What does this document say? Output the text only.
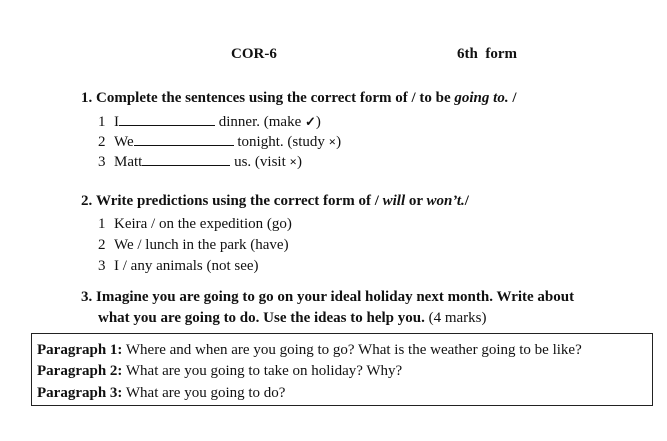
COR-6	6th  form
1. Complete the sentences using the correct form of / to be going to. /
1 I	dinner. (make ✓)
2 We	tonight. (study ×)
3 Matt	us. (visit ×)
2. Write predictions using the correct form of / will or won’t./
1 Keira / on the expedition (go)
2 We / lunch in the park (have)
3 I / any animals (not see)
3. Imagine you are going to go on your ideal holiday next month. Write about
what you are going to do. Use the ideas to help you. (4 marks)
Paragraph 1: Where and when are you going to go? What is the weather going to be like?
Paragraph 2: What are you going to take on holiday? Why?
Paragraph 3: What are you going to do?
